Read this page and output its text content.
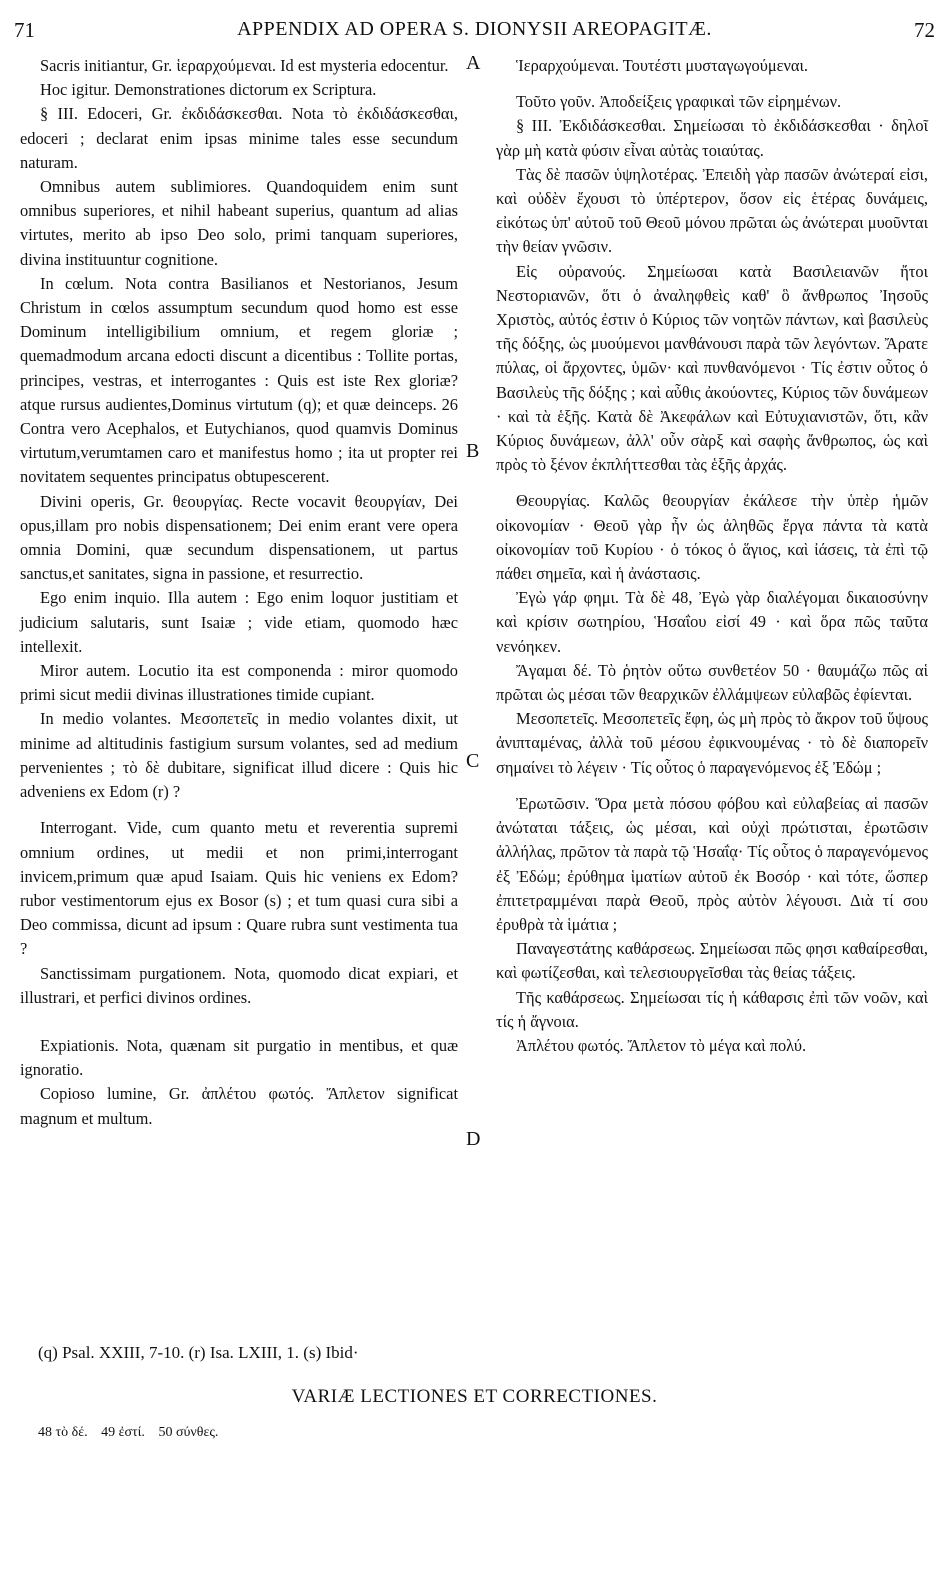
71	APPENDIX AD OPERA S. DIONYSII AREOPAGITÆ.	72

Sacris initiantur, Gr. ἱεραρχούμεναι. Id est mysteria edocentur.

Hoc igitur. Demonstrationes dictorum ex Scriptura.

§ III. Edoceri, Gr. ἐκδιδάσκεσθαι. Nota τὸ ἐκδιδάσκεσθαι, edoceri ; declarat enim ipsas minime tales esse secundum naturam.

Omnibus autem sublimiores. Quandoquidem enim sunt omnibus superiores, et nihil habeant superius, quantum ad alias virtutes, merito ab ipso Deo solo, primi tanquam superiores, divina instituuntur cognitione.

In cœlum. Nota contra Basilianos et Nestorianos, Jesum Christum in cœlos assumptum secundum quod homo est esse Dominum intelligibilium omnium, et regem gloriæ ; quemadmodum arcana edocti discunt a dicentibus : Tollite portas, principes, vestras, et interrogantes : Quis est iste Rex gloriæ? atque rursus audientes,Dominus virtutum (q); et quæ deinceps. 26 Contra vero Acephalos, et Eutychianos, quod quamvis Dominus virtutum,verumtamen caro et manifestus homo ; ita ut propter rei novitatem sequentes principatus obtupescerent.

Divini operis, Gr. θεουργίας. Recte vocavit θεουργίαν, Dei opus,illam pro nobis dispensationem; Dei enim erant vere opera omnia Domini, quæ secundum dispensationem, ut partus sanctus,et sanitates, signa in passione, et resurrectio.

Ego enim inquio. Illa autem : Ego enim loquor justitiam et judicium salutaris, sunt Isaiæ ; vide etiam, quomodo hæc intellexit.

Miror autem. Locutio ita est componenda : miror quomodo primi sicut medii divinas illustrationes timide cupiant.

In medio volantes. Μεσοπετεῖς in medio volantes dixit, ut minime ad altitudinis fastigium sursum volantes, sed ad medium pervenientes ; τὸ δὲ dubitare, significat illud dicere : Quis hic adveniens ex Edom (r) ?

Interrogant. Vide, cum quanto metu et reverentia supremi omnium ordines, ut medii et non primi,interrogant invicem,primum quæ apud Isaiam. Quis hic veniens ex Edom? rubor vestimentorum ejus ex Bosor (s) ; et tum quasi cura sibi a Deo commissa, dicunt ad ipsum : Quare rubra sunt vestimenta tua ?

Sanctissimam purgationem. Nota, quomodo dicat expiari, et illustrari, et perfici divinos ordines.

Expiationis. Nota, quænam sit purgatio in mentibus, et quæ ignoratio.

Copioso lumine, Gr. ἀπλέτου φωτός. Ἄπλετον significat magnum et multum.

Ἱεραρχούμεναι. Τουτέστι μυσταγωγούμεναι.

Τοῦτο γοῦν. Ἀποδείξεις γραφικαὶ τῶν εἰρημένων.

§ III. Ἐκδιδάσκεσθαι. Σημείωσαι τὸ ἐκδιδάσκεσθαι · δηλοῖ γὰρ μὴ κατὰ φύσιν εἶναι αὐτὰς τοιαύτας.

Τὰς δὲ πασῶν ὑψηλοτέρας. Ἐπειδὴ γὰρ πασῶν ἀνώτεραί εἰσι, καὶ οὐδὲν ἔχουσι τὸ ὑπέρτερον, ὅσον εἰς ἑτέρας δυνάμεις, εἰκότως ὑπ' αὐτοῦ τοῦ Θεοῦ μόνου πρῶται ὡς ἀνώτεραι μυοῦνται τὴν θείαν γνῶσιν.

Εἰς οὐρανούς. Σημείωσαι κατὰ Βασιλειανῶν ἤτοι Νεστοριανῶν, ὅτι ὁ ἀναληφθεὶς καθ' ὃ ἄνθρωπος Ἰησοῦς Χριστὸς, αὐτός ἐστιν ὁ Κύριος τῶν νοητῶν πάντων, καὶ βασιλεὺς τῆς δόξης, ὡς μυούμενοι μανθάνουσι παρὰ τῶν λεγόντων. Ἄρατε πύλας, οἱ ἄρχοντες, ὑμῶν· καὶ πυνθανόμενοι · Τίς ἐστιν οὗτος ὁ Βασιλεὺς τῆς δόξης ; καὶ αὖθις ἀκούοντες, Κύριος τῶν δυνάμεων · καὶ τὰ ἑξῆς. Κατὰ δὲ Ἀκεφάλων καὶ Εὐτυχιανιστῶν, ὅτι, κἂν Κύριος δυνάμεων, ἀλλ' οὖν σὰρξ καὶ σαφὴς ἄνθρωπος, ὡς καὶ πρὸς τὸ ξένον ἐκπλήττεσθαι τὰς ἑξῆς ἀρχάς.

Θεουργίας. Καλῶς θεουργίαν ἐκάλεσε τὴν ὑπὲρ ἡμῶν οἰκονομίαν · Θεοῦ γὰρ ἦν ὡς ἀληθῶς ἔργα πάντα τὰ κατὰ οἰκονομίαν τοῦ Κυρίου · ὁ τόκος ὁ ἅγιος, καὶ ἰάσεις, τὰ ἐπὶ τῷ πάθει σημεῖα, καὶ ἡ ἀνάστασις.

Ἐγὼ γάρ φημι. Τὰ δὲ 48, Ἐγὼ γὰρ διαλέγομαι δικαιοσύνην καὶ κρίσιν σωτηρίου, Ἡσαΐου εἰσί 49 · καὶ ὅρα πῶς ταῦτα νενόηκεν.

Ἄγαμαι δέ. Τὸ ῥητὸν οὕτω συνθετέον 50 · θαυμάζω πῶς αἱ πρῶται ὡς μέσαι τῶν θεαρχικῶν ἐλλάμψεων εὐλαβῶς ἐφίενται.

Μεσοπετεῖς. Μεσοπετεῖς ἔφη, ὡς μὴ πρὸς τὸ ἄκρον τοῦ ὕψους ἀνιπταμένας, ἀλλὰ τοῦ μέσου ἐφικνουμένας · τὸ δὲ διαπορεῖν σημαίνει τὸ λέγειν · Τίς οὗτος ὁ παραγενόμενος ἐξ Ἐδώμ ;

Ἐρωτῶσιν. Ὅρα μετὰ πόσου φόβου καὶ εὐλαβείας αἱ πασῶν ἀνώταται τάξεις, ὡς μέσαι, καὶ οὐχὶ πρώτισται, ἐρωτῶσιν ἀλλήλας, πρῶτον τὰ παρὰ τῷ Ἡσαΐᾳ· Τίς οὗτος ὁ παραγενόμενος ἐξ Ἐδώμ; ἐρύθημα ἱματίων αὐτοῦ ἐκ Βοσόρ · καὶ τότε, ὥσπερ ἐπιτετραμμέναι παρὰ Θεοῦ, πρὸς αὐτὸν λέγουσι. Διὰ τί σου ἐρυθρὰ τὰ ἱμάτια ;

Παναγεστάτης καθάρσεως. Σημείωσαι πῶς φησι καθαίρεσθαι, καὶ φωτίζεσθαι, καὶ τελεσιουργεῖσθαι τὰς θείας τάξεις.

Τῆς καθάρσεως. Σημείωσαι τίς ἡ κάθαρσις ἐπὶ τῶν νοῶν, καὶ τίς ἡ ἄγνοια.

Ἀπλέτου φωτός. Ἄπλετον τὸ μέγα καὶ πολύ.

A
B
C
D
(q) Psal. XXIII, 7-10. (r) Isa. LXIII, 1. (s) Ibid·
VARIÆ LECTIONES ET CORRECTIONES.
48 τὸ δέ. 49 ἐστί. 50 σύνθες.
